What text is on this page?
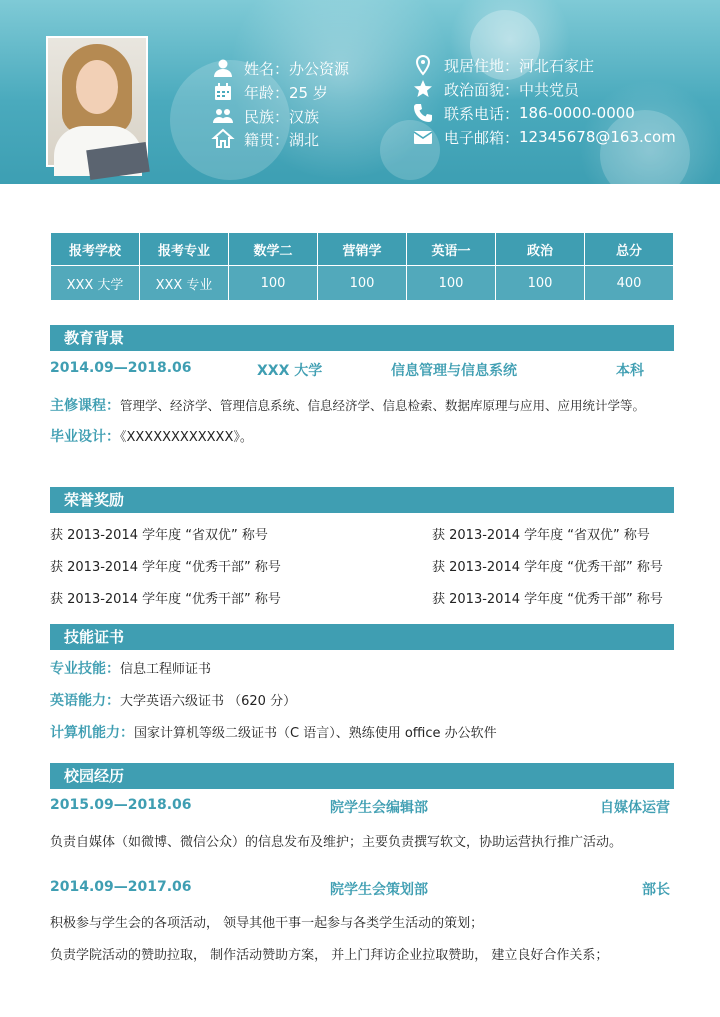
姓名： 办公资源
年龄： 25 岁
民族： 汉族
籍贯： 湖北
现居住地： 河北石家庄
政治面貌： 中共党员
联系电话： 186-0000-0000
电子邮箱： 12345678@163.com
报考学校	报考专业	数学二	营销学	英语一	政治	总分
XXX 大学	XXX 专业	100	100	100	100	400
教育背景
2014.09—2018.06	XXX 大学	信息管理与信息系统	本科
主修课程：管理学、经济学、管理信息系统、信息经济学、信息检索、数据库原理与应用、应用统计学等。
毕业设计：《XXXXXXXXXXXX》。
荣誉奖励
获 2013-2014 学年度 “省双优” 称号	获 2013-2014 学年度 “省双优” 称号
获 2013-2014 学年度 “优秀干部” 称号	获 2013-2014 学年度 “优秀干部” 称号
获 2013-2014 学年度 “优秀干部” 称号	获 2013-2014 学年度 “优秀干部” 称号
技能证书
专业技能：信息工程师证书
英语能力：大学英语六级证书 （620 分）
计算机能力：国家计算机等级二级证书（C 语言）、熟练使用 office 办公软件
校园经历
2015.09—2018.06	院学生会编辑部	自媒体运营
负责自媒体（如微博、微信公众）的信息发布及维护；主要负责撰写软文，协助运营执行推广活动。
2014.09—2017.06	院学生会策划部	部长
积极参与学生会的各项活动， 领导其他干事一起参与各类学生活动的策划；
负责学院活动的赞助拉取， 制作活动赞助方案， 并上门拜访企业拉取赞助， 建立良好合作关系；
